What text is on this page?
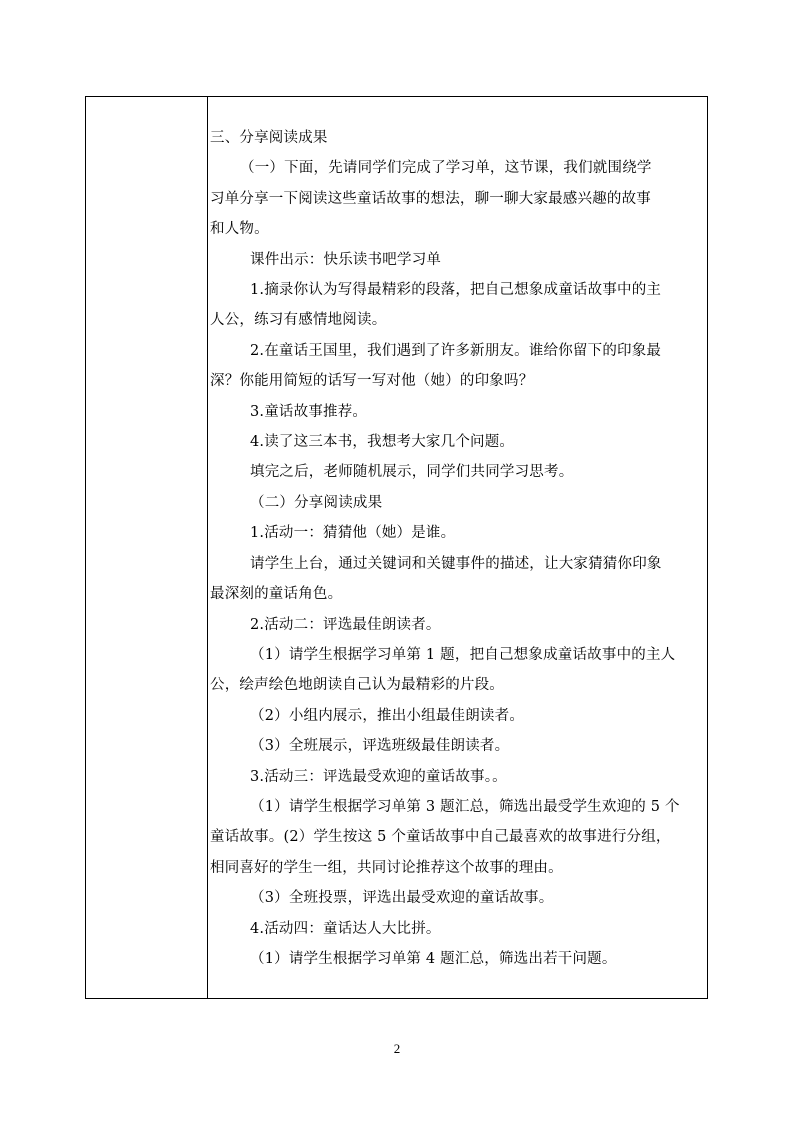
三、分享阅读成果
（一）下面，先请同学们完成了学习单，这节课，我们就围绕学
习单分享一下阅读这些童话故事的想法，聊一聊大家最感兴趣的故事
和人物。
课件出示：快乐读书吧学习单
1.摘录你认为写得最精彩的段落，把自己想象成童话故事中的主
人公，练习有感情地阅读。
2.在童话王国里，我们遇到了许多新朋友。谁给你留下的印象最
深？你能用简短的话写一写对他（她）的印象吗？
3.童话故事推荐。
4.读了这三本书，我想考大家几个问题。
填完之后，老师随机展示，同学们共同学习思考。
（二）分享阅读成果
1.活动一：猜猜他（她）是谁。
请学生上台，通过关键词和关键事件的描述，让大家猜猜你印象
最深刻的童话角色。
2.活动二：评选最佳朗读者。
（1）请学生根据学习单第 1 题，把自己想象成童话故事中的主人
公，绘声绘色地朗读自己认为最精彩的片段。
（2）小组内展示，推出小组最佳朗读者。
（3）全班展示，评选班级最佳朗读者。
3.活动三：评选最受欢迎的童话故事。。
（1）请学生根据学习单第 3 题汇总，筛选出最受学生欢迎的 5 个
童话故事。(2）学生按这 5 个童话故事中自己最喜欢的故事进行分组，
相同喜好的学生一组，共同讨论推荐这个故事的理由。
（3）全班投票，评选出最受欢迎的童话故事。
4.活动四：童话达人大比拼。
（1）请学生根据学习单第 4 题汇总，筛选出若干问题。
2
